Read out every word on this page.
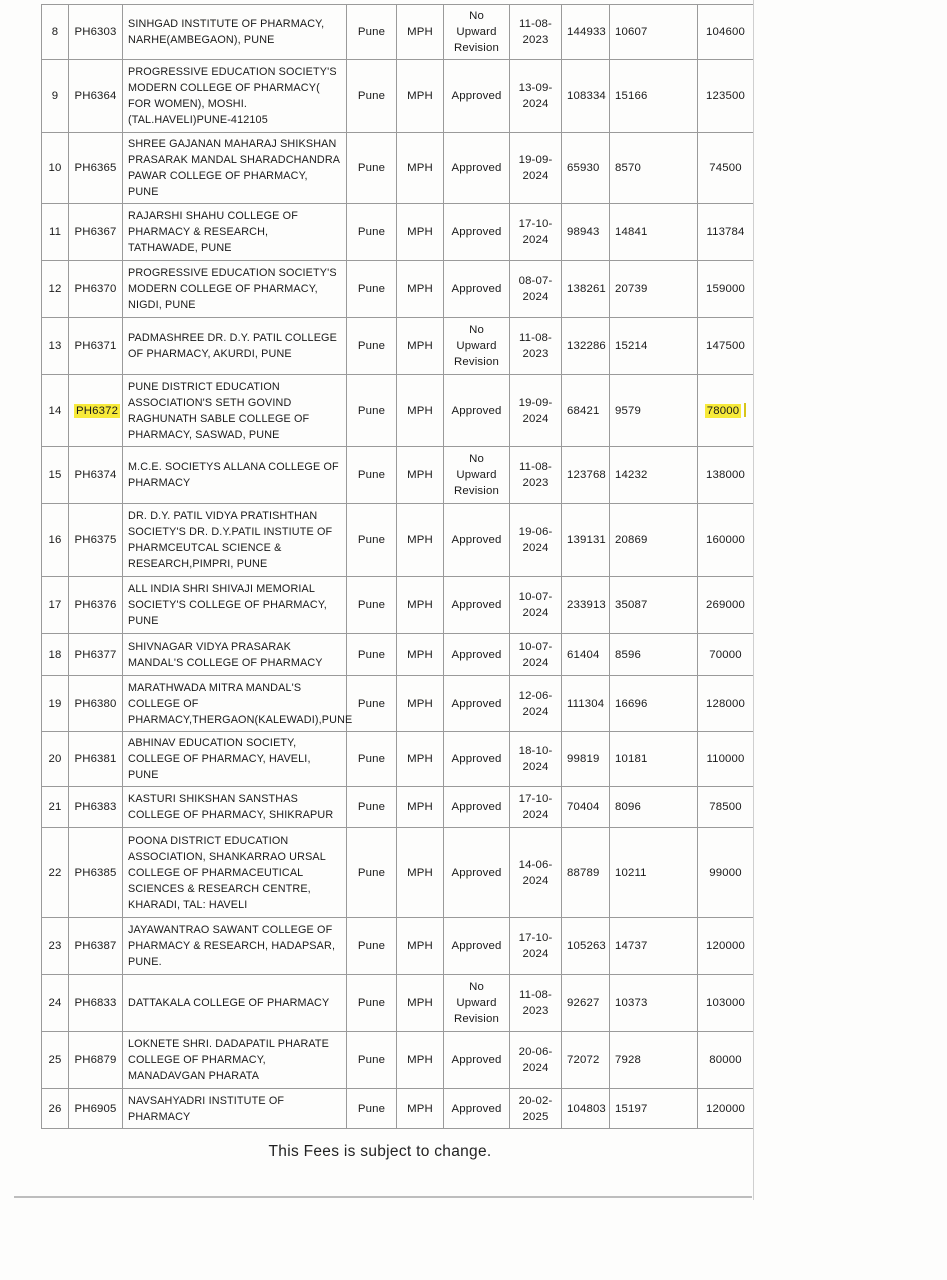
8	PH6303	SINHGAD INSTITUTE OF PHARMACY, NARHE(AMBEGAON), PUNE	Pune	MPH	No Upward Revision	11-08-2023	144933	10607	104600
9	PH6364	PROGRESSIVE EDUCATION SOCIETY'S MODERN COLLEGE OF PHARMACY( FOR WOMEN), MOSHI.(TAL.HAVELI)PUNE-412105	Pune	MPH	Approved	13-09-2024	108334	15166	123500
10	PH6365	SHREE GAJANAN MAHARAJ SHIKSHAN PRASARAK MANDAL SHARADCHANDRA PAWAR COLLEGE OF PHARMACY, PUNE	Pune	MPH	Approved	19-09-2024	65930	8570	74500
11	PH6367	RAJARSHI SHAHU COLLEGE OF PHARMACY & RESEARCH, TATHAWADE, PUNE	Pune	MPH	Approved	17-10-2024	98943	14841	113784
12	PH6370	PROGRESSIVE EDUCATION SOCIETY'S MODERN COLLEGE OF PHARMACY, NIGDI, PUNE	Pune	MPH	Approved	08-07-2024	138261	20739	159000
13	PH6371	PADMASHREE DR. D.Y. PATIL COLLEGE OF PHARMACY, AKURDI, PUNE	Pune	MPH	No Upward Revision	11-08-2023	132286	15214	147500
14	PH6372	PUNE DISTRICT EDUCATION ASSOCIATION'S SETH GOVIND RAGHUNATH SABLE COLLEGE OF PHARMACY, SASWAD, PUNE	Pune	MPH	Approved	19-09-2024	68421	9579	78000
15	PH6374	M.C.E. SOCIETYS ALLANA COLLEGE OF PHARMACY	Pune	MPH	No Upward Revision	11-08-2023	123768	14232	138000
16	PH6375	DR. D.Y. PATIL VIDYA PRATISHTHAN SOCIETY'S DR. D.Y.PATIL INSTIUTE OF PHARMCEUTCAL SCIENCE & RESEARCH,PIMPRI, PUNE	Pune	MPH	Approved	19-06-2024	139131	20869	160000
17	PH6376	ALL INDIA SHRI SHIVAJI MEMORIAL SOCIETY'S COLLEGE OF PHARMACY, PUNE	Pune	MPH	Approved	10-07-2024	233913	35087	269000
18	PH6377	SHIVNAGAR VIDYA PRASARAK MANDAL'S COLLEGE OF PHARMACY	Pune	MPH	Approved	10-07-2024	61404	8596	70000
19	PH6380	MARATHWADA MITRA MANDAL'S COLLEGE OF PHARMACY,THERGAON(KALEWADI),PUNE	Pune	MPH	Approved	12-06-2024	111304	16696	128000
20	PH6381	ABHINAV EDUCATION SOCIETY, COLLEGE OF PHARMACY, HAVELI, PUNE	Pune	MPH	Approved	18-10-2024	99819	10181	110000
21	PH6383	KASTURI SHIKSHAN SANSTHAS COLLEGE OF PHARMACY, SHIKRAPUR	Pune	MPH	Approved	17-10-2024	70404	8096	78500
22	PH6385	POONA DISTRICT EDUCATION ASSOCIATION, SHANKARRAO URSAL COLLEGE OF PHARMACEUTICAL SCIENCES & RESEARCH CENTRE, KHARADI, TAL: HAVELI	Pune	MPH	Approved	14-06-2024	88789	10211	99000
23	PH6387	JAYAWANTRAO SAWANT COLLEGE OF PHARMACY & RESEARCH, HADAPSAR, PUNE.	Pune	MPH	Approved	17-10-2024	105263	14737	120000
24	PH6833	DATTAKALA COLLEGE OF PHARMACY	Pune	MPH	No Upward Revision	11-08-2023	92627	10373	103000
25	PH6879	LOKNETE SHRI. DADAPATIL PHARATE COLLEGE OF PHARMACY, MANADAVGAN PHARATA	Pune	MPH	Approved	20-06-2024	72072	7928	80000
26	PH6905	NAVSAHYADRI INSTITUTE OF PHARMACY	Pune	MPH	Approved	20-02-2025	104803	15197	120000
This Fees is subject to change.
